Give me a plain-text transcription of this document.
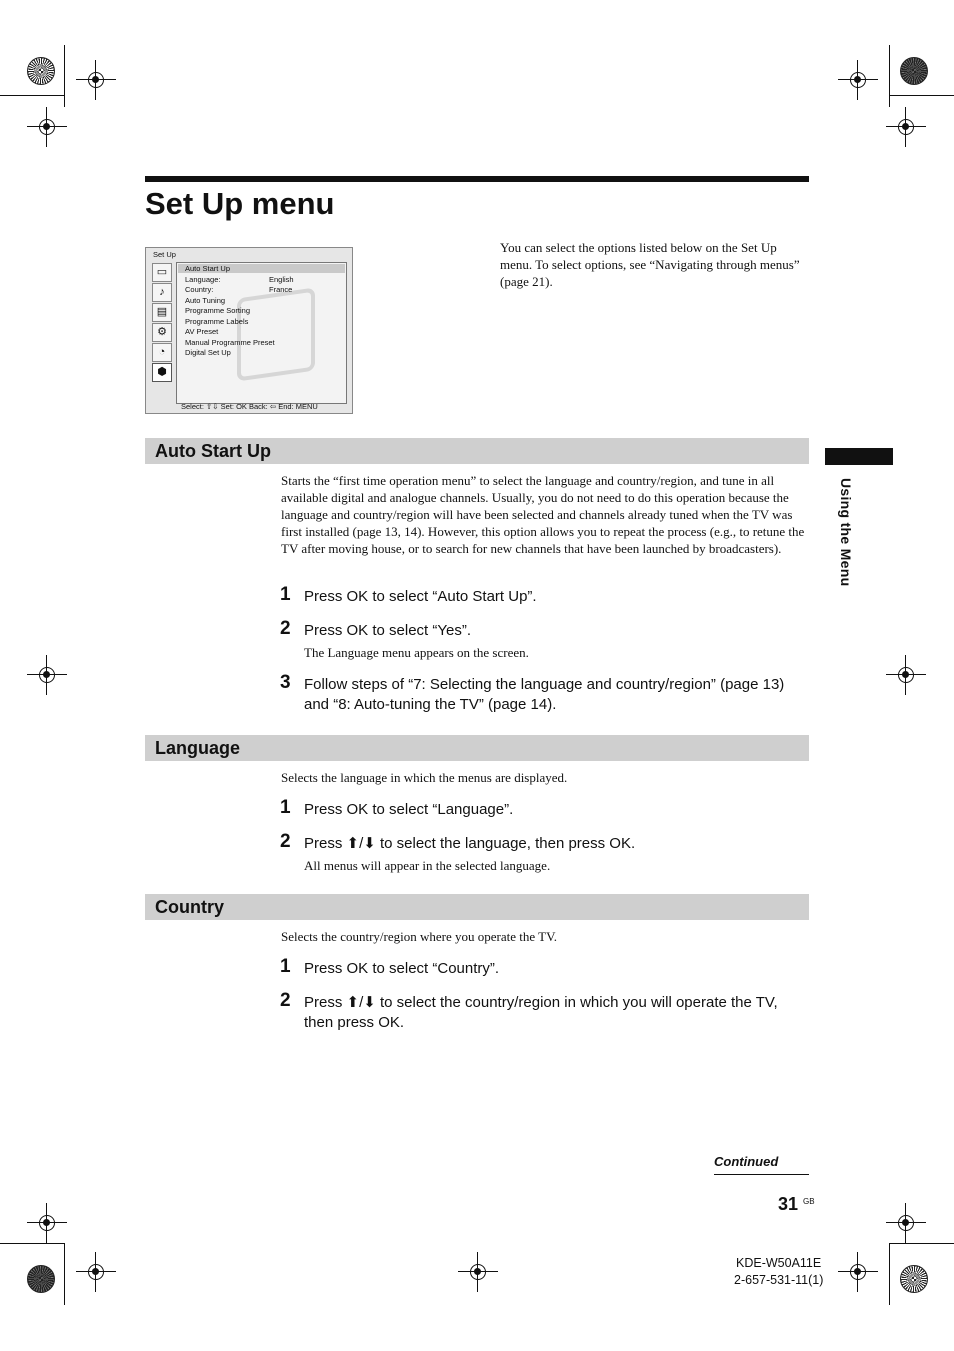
Set Up menu
Set Up
▭
♪
▤
⚙
◔
⬢
Auto Start Up
Language:	English
Country:	France
Auto Tuning
Programme Sorting
Programme Labels
AV Preset
Manual Programme Preset
Digital Set Up
Select: ⇧⇩ Set: OK Back: ⇦ End: MENU
You can select the options listed below on the Set Up menu. To select options, see “Navigating through menus” (page 21).
Using the Menu
Auto Start Up
Starts the “first time operation menu” to select the language and country/region, and tune in all available digital and analogue channels. Usually, you do not need to do this operation because the language and country/region will have been selected and channels already tuned when the TV was first installed (page 13, 14). However, this option allows you to repeat the process (e.g., to retune the TV after moving house, or to search for new channels that have been launched by broadcasters).
1 Press OK to select “Auto Start Up”.
2 Press OK to select “Yes”.
The Language menu appears on the screen.
3 Follow steps of “7: Selecting the language and country/region” (page 13) and “8: Auto-tuning the TV” (page 14).
Language
Selects the language in which the menus are displayed.
1 Press OK to select “Language”.
2 Press ⬆/⬇ to select the language, then press OK.
All menus will appear in the selected language.
Country
Selects the country/region where you operate the TV.
1 Press OK to select “Country”.
2 Press ⬆/⬇ to select the country/region in which you will operate the TV, then press OK.
Continued
31 GB
KDE-W50A11E
2-657-531-11(1)
